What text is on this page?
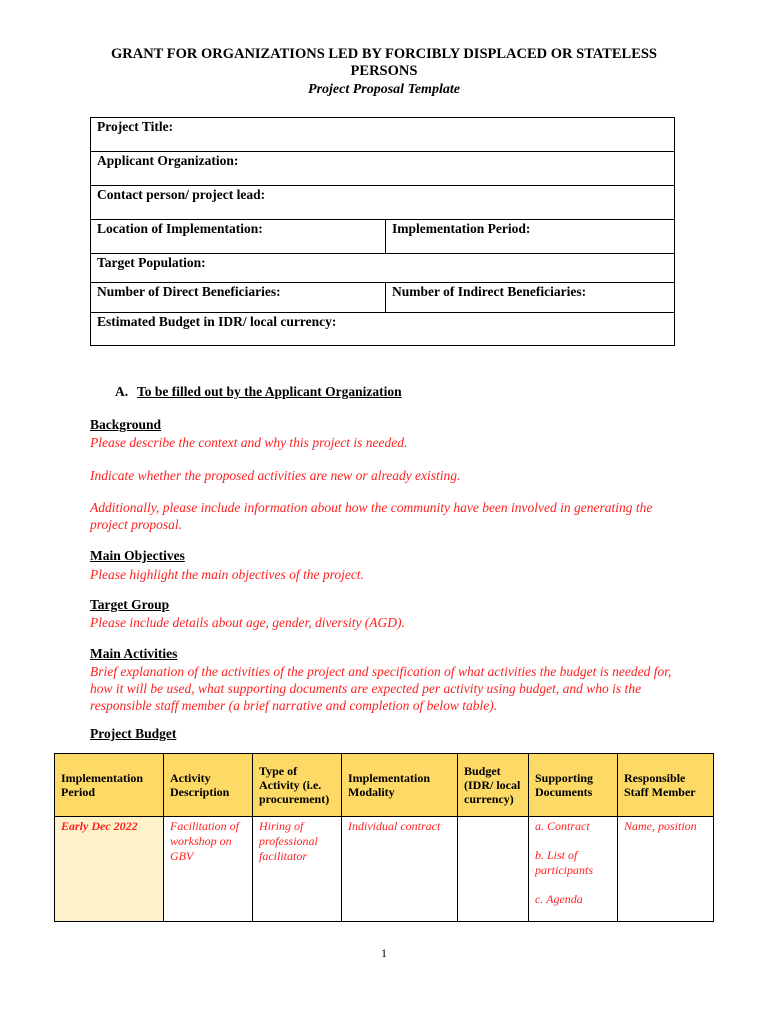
GRANT FOR ORGANIZATIONS LED BY FORCIBLY DISPLACED OR STATELESS PERSONS
Project Proposal Template
Project Title:	
Applicant Organization:	
Contact person/ project lead:	
Location of Implementation:	Implementation Period:
Target Population:	
Number of Direct Beneficiaries:	Number of Indirect Beneficiaries:
Estimated Budget in IDR/ local currency:	
A. To be filled out by the Applicant Organization
Background
Please describe the context and why this project is needed.
Indicate whether the proposed activities are new or already existing.
Additionally, please include information about how the community have been involved in generating the project proposal.
Main Objectives
Please highlight the main objectives of the project.
Target Group
Please include details about age, gender, diversity (AGD).
Main Activities
Brief explanation of the activities of the project and specification of what activities the budget is needed for, how it will be used, what supporting documents are expected per activity using budget, and who is the responsible staff member (a brief narrative and completion of below table).
Project Budget
Implementation Period	Activity Description	Type of Activity (i.e. procurement)	Implementation Modality	Budget (IDR/ local currency)	Supporting Documents	Responsible Staff Member
Early Dec 2022	Facilitation of workshop on GBV	Hiring of professional facilitator	Individual contract		a. Contract
b. List of participants
c. Agenda	Name, position
1
